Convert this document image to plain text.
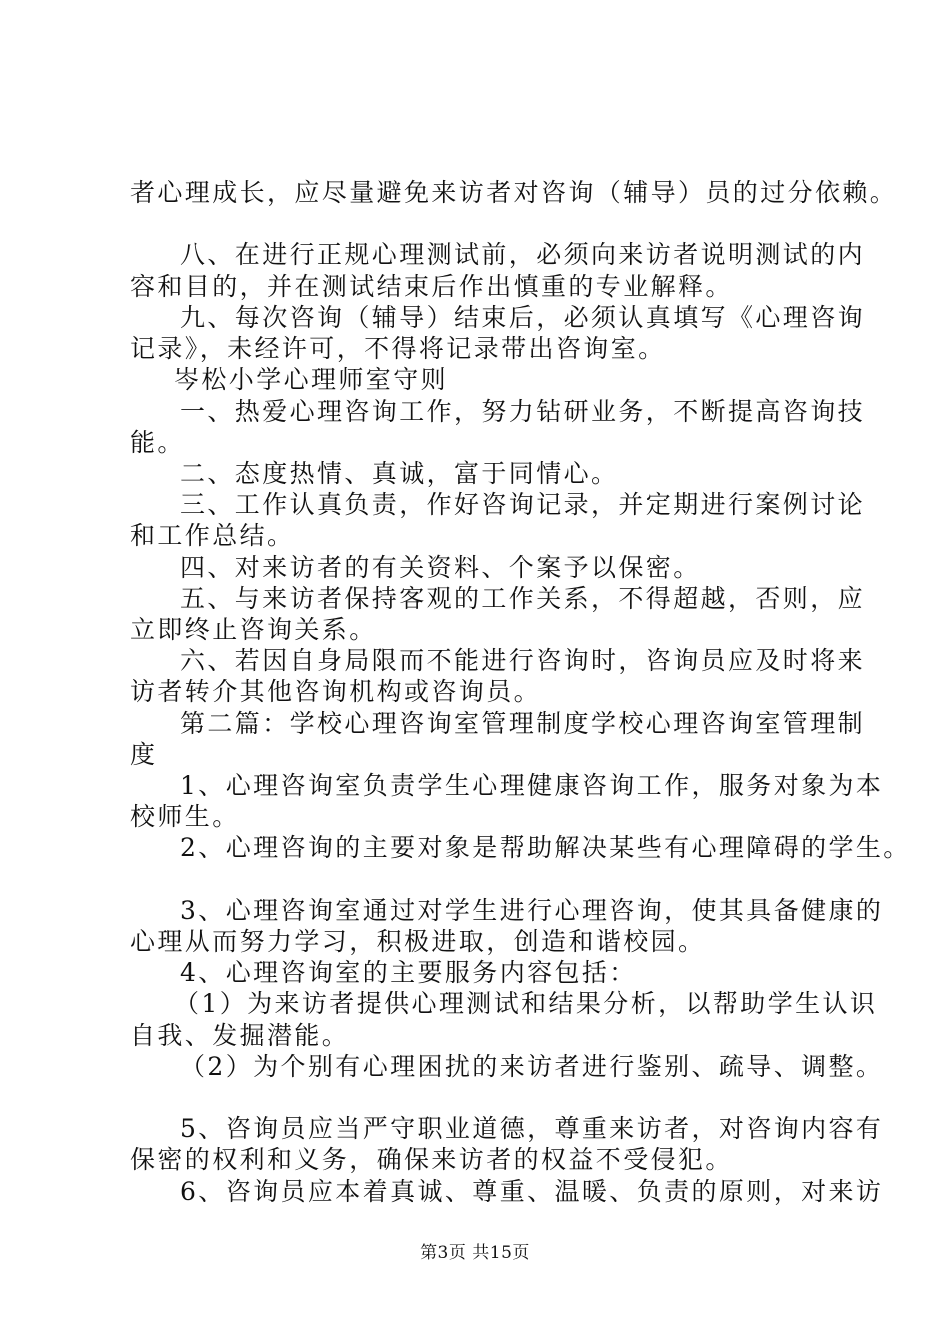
者心理成长，应尽量避免来访者对咨询（辅导）员的过分依赖。
八、在进行正规心理测试前，必须向来访者说明测试的内
容和目的，并在测试结束后作出慎重的专业解释。
九、每次咨询（辅导）结束后，必须认真填写《心理咨询
记录》，未经许可，不得将记录带出咨询室。
岑松小学心理师室守则
一、热爱心理咨询工作，努力钻研业务，不断提高咨询技
能。
二、态度热情、真诚，富于同情心。
三、工作认真负责，作好咨询记录，并定期进行案例讨论
和工作总结。
四、对来访者的有关资料、个案予以保密。
五、与来访者保持客观的工作关系，不得超越，否则，应
立即终止咨询关系。
六、若因自身局限而不能进行咨询时，咨询员应及时将来
访者转介其他咨询机构或咨询员。
第二篇：学校心理咨询室管理制度学校心理咨询室管理制
度
1、心理咨询室负责学生心理健康咨询工作，服务对象为本
校师生。
2、心理咨询的主要对象是帮助解决某些有心理障碍的学生。
3、心理咨询室通过对学生进行心理咨询，使其具备健康的
心理从而努力学习，积极进取，创造和谐校园。
4、心理咨询室的主要服务内容包括：
（1）为来访者提供心理测试和结果分析，以帮助学生认识
自我、发掘潜能。
（2）为个别有心理困扰的来访者进行鉴别、疏导、调整。
5、咨询员应当严守职业道德，尊重来访者，对咨询内容有
保密的权利和义务，确保来访者的权益不受侵犯。
6、咨询员应本着真诚、尊重、温暖、负责的原则，对来访
第3页 共15页
